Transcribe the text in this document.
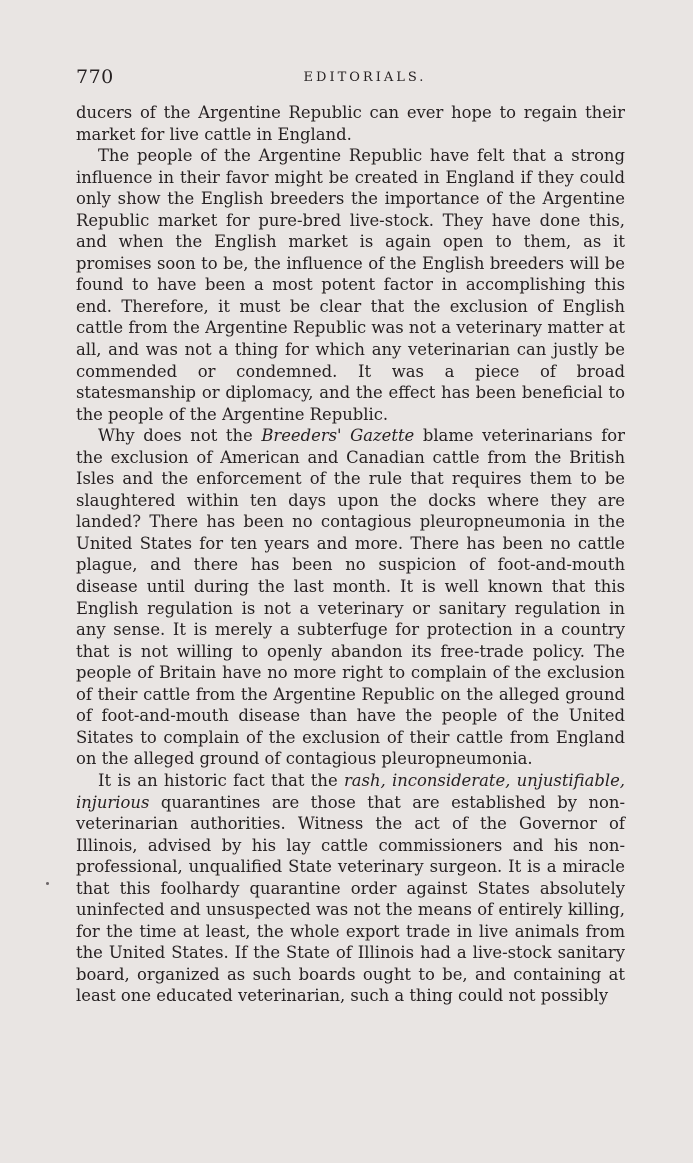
770	EDITORIALS.

ducers of the Argentine Republic can ever hope to regain their market for live cattle in England.

The people of the Argentine Republic have felt that a strong influence in their favor might be created in England if they could only show the English breeders the importance of the Argentine Republic market for pure-bred live-stock. They have done this, and when the English market is again open to them, as it promises soon to be, the influence of the English breeders will be found to have been a most potent factor in accomplishing this end. Therefore, it must be clear that the exclusion of English cattle from the Argentine Republic was not a veterinary matter at all, and was not a thing for which any veterinarian can justly be commended or condemned. It was a piece of broad statesmanship or diplomacy, and the effect has been beneficial to the people of the Argentine Republic.

Why does not the Breeders' Gazette blame veterinarians for the exclusion of American and Canadian cattle from the British Isles and the enforcement of the rule that requires them to be slaughtered within ten days upon the docks where they are landed? There has been no contagious pleuropneumonia in the United States for ten years and more. There has been no cattle plague, and there has been no suspicion of foot-and-mouth disease until during the last month. It is well known that this English regulation is not a veterinary or sanitary regulation in any sense. It is merely a subterfuge for protection in a country that is not willing to openly abandon its free-trade policy. The people of Britain have no more right to complain of the exclusion of their cattle from the Argentine Republic on the alleged ground of foot-and-mouth disease than have the people of the United Sitates to complain of the exclusion of their cattle from England on the alleged ground of contagious pleuropneumonia.

It is an historic fact that the rash, inconsiderate, unjustifiable, injurious quarantines are those that are established by non-veterinarian authorities. Witness the act of the Governor of Illinois, advised by his lay cattle commissioners and his non-professional, unqualified State veterinary surgeon. It is a miracle that this foolhardy quarantine order against States absolutely uninfected and unsuspected was not the means of entirely killing, for the time at least, the whole export trade in live animals from the United States. If the State of Illinois had a live-stock sanitary board, organized as such boards ought to be, and containing at least one educated veterinarian, such a thing could not possibly
